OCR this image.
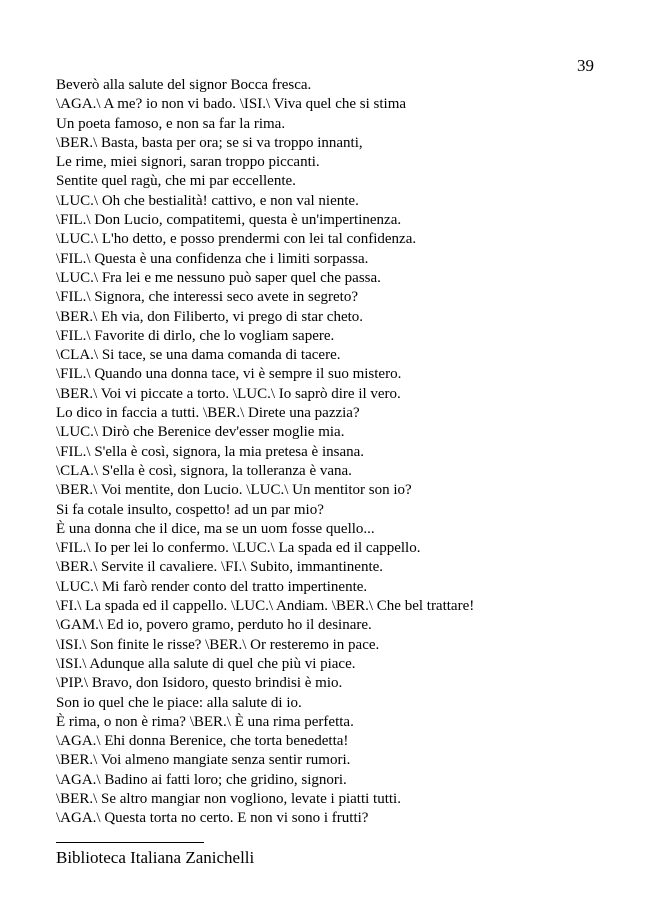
39
Beverò alla salute del signor Bocca fresca.
\AGA.\ A me? io non vi bado. \ISI.\ Viva quel che si stima
Un poeta famoso, e non sa far la rima.
\BER.\ Basta, basta per ora; se si va troppo innanti,
Le rime, miei signori, saran troppo piccanti.
Sentite quel ragù, che mi par eccellente.
\LUC.\ Oh che bestialità! cattivo, e non val niente.
\FIL.\ Don Lucio, compatitemi, questa è un'impertinenza.
\LUC.\ L'ho detto, e posso prendermi con lei tal confidenza.
\FIL.\ Questa è una confidenza che i limiti sorpassa.
\LUC.\ Fra lei e me nessuno può saper quel che passa.
\FIL.\ Signora, che interessi seco avete in segreto?
\BER.\ Eh via, don Filiberto, vi prego di star cheto.
\FIL.\ Favorite di dirlo, che lo vogliam sapere.
\CLA.\ Si tace, se una dama comanda di tacere.
\FIL.\ Quando una donna tace, vi è sempre il suo mistero.
\BER.\ Voi vi piccate a torto. \LUC.\ Io saprò dire il vero.
Lo dico in faccia a tutti. \BER.\ Direte una pazzia?
\LUC.\ Dirò che Berenice dev'esser moglie mia.
\FIL.\ S'ella è così, signora, la mia pretesa è insana.
\CLA.\ S'ella è così, signora, la tolleranza è vana.
\BER.\ Voi mentite, don Lucio. \LUC.\ Un mentitor son io?
Si fa cotale insulto, cospetto! ad un par mio?
È una donna che il dice, ma se un uom fosse quello...
\FIL.\ Io per lei lo confermo. \LUC.\ La spada ed il cappello.
\BER.\ Servite il cavaliere. \FI.\ Subito, immantinente.
\LUC.\ Mi farò render conto del tratto impertinente.
\FI.\ La spada ed il cappello. \LUC.\ Andiam. \BER.\ Che bel trattare!
\GAM.\ Ed io, povero gramo, perduto ho il desinare.
\ISI.\ Son finite le risse? \BER.\ Or resteremo in pace.
\ISI.\ Adunque alla salute di quel che più vi piace.
\PIP.\ Bravo, don Isidoro, questo brindisi è mio.
Son io quel che le piace: alla salute di io.
È rima, o non è rima? \BER.\ È una rima perfetta.
\AGA.\ Ehi donna Berenice, che torta benedetta!
\BER.\ Voi almeno mangiate senza sentir rumori.
\AGA.\ Badino ai fatti loro; che gridino, signori.
\BER.\ Se altro mangiar non vogliono, levate i piatti tutti.
\AGA.\ Questa torta no certo. E non vi sono i frutti?
Biblioteca Italiana Zanichelli
